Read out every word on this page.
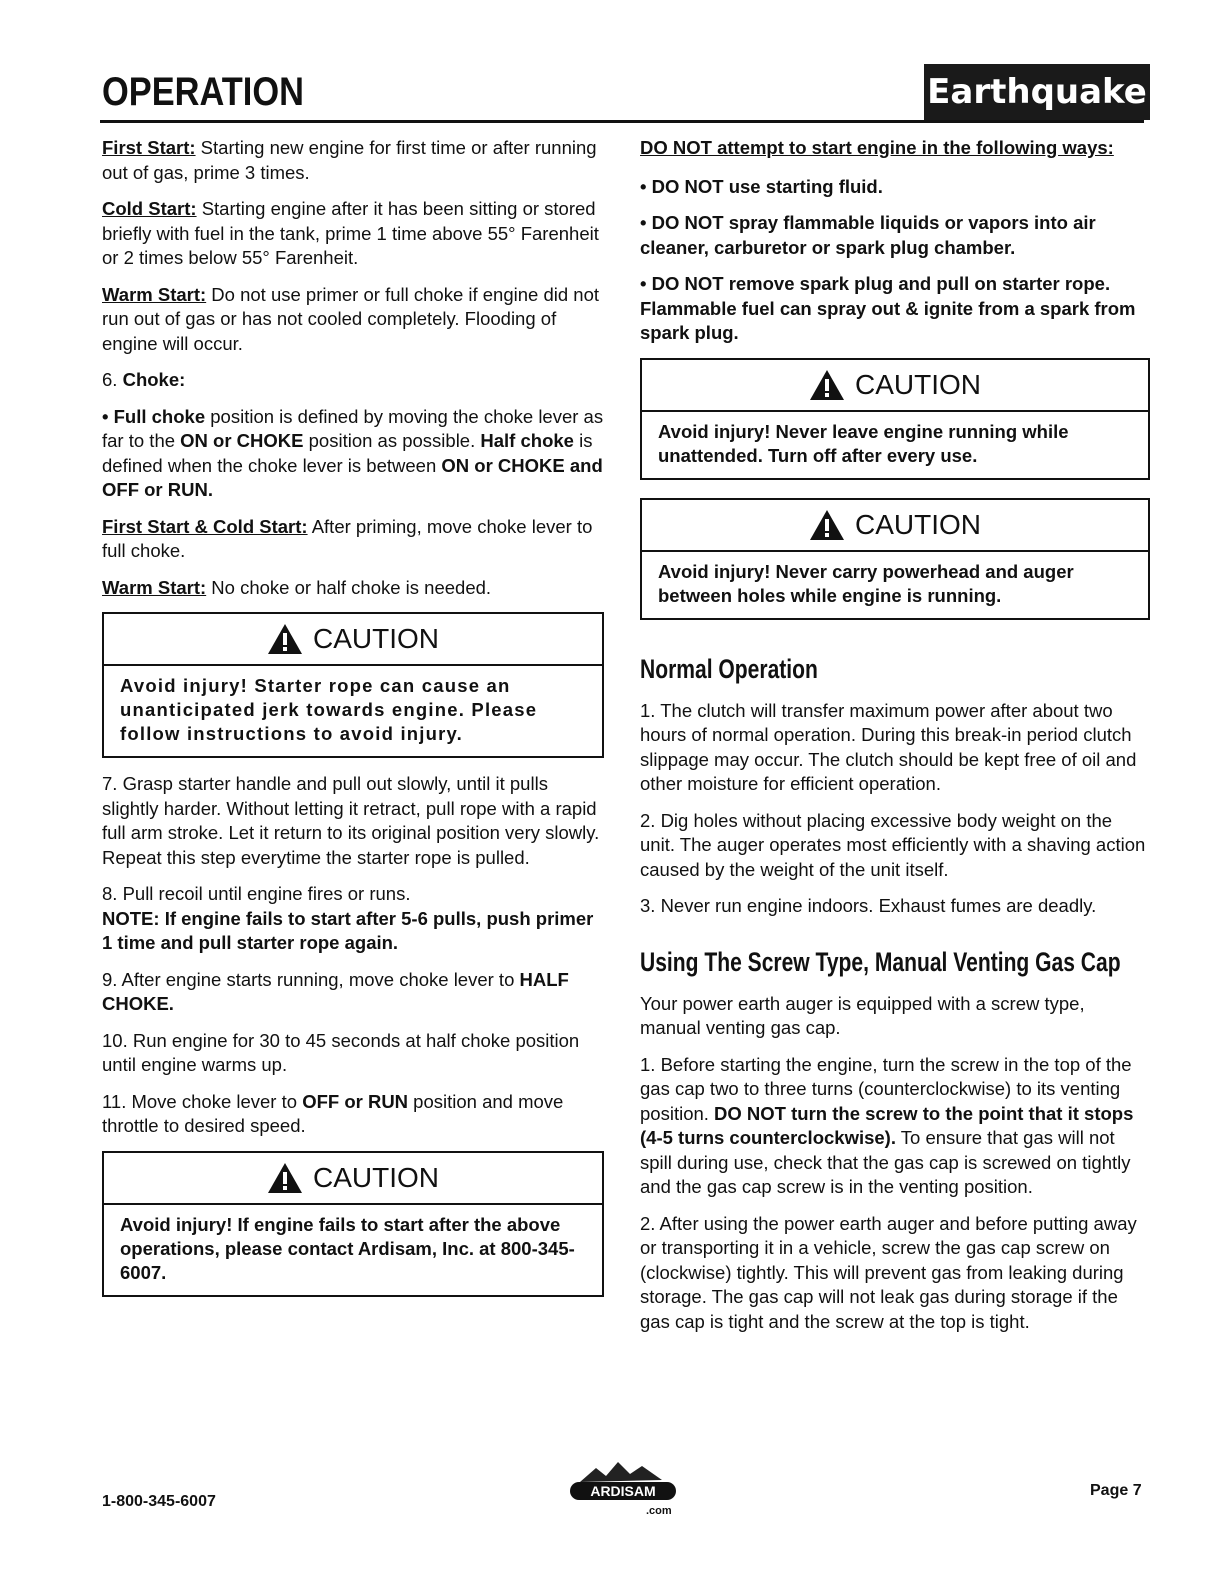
OPERATION	Earthquake

First Start: Starting new engine for first time or after running out of gas, prime 3 times.

Cold Start: Starting engine after it has been sitting or stored briefly with fuel in the tank, prime 1 time above 55° Farenheit or 2 times below 55° Farenheit.

Warm Start: Do not use primer or full choke if engine did not run out of gas or has not cooled completely. Flooding of engine will occur.

6. Choke:

• Full choke position is defined by moving the choke lever as far to the ON or CHOKE position as possible. Half choke is defined when the choke lever is between ON or CHOKE and OFF or RUN.

First Start & Cold Start: After priming, move choke lever to full choke.

Warm Start: No choke or half choke is needed.

CAUTION
Avoid injury! Starter rope can cause an unanticipated jerk towards engine. Please follow instructions to avoid injury.

7. Grasp starter handle and pull out slowly, until it pulls slightly harder. Without letting it retract, pull rope with a rapid full arm stroke. Let it return to its original position very slowly. Repeat this step everytime the starter rope is pulled.

8. Pull recoil until engine fires or runs.

NOTE: If engine fails to start after 5-6 pulls, push primer 1 time and pull starter rope again.

9. After engine starts running, move choke lever to HALF CHOKE.

10. Run engine for 30 to 45 seconds at half choke position until engine warms up.

11. Move choke lever to OFF or RUN position and move throttle to desired speed.

CAUTION
Avoid injury! If engine fails to start after the above operations, please contact Ardisam, Inc. at 800-345-6007.

DO NOT attempt to start engine in the following ways:

• DO NOT use starting fluid.

• DO NOT spray flammable liquids or vapors into air cleaner, carburetor or spark plug chamber.

• DO NOT remove spark plug and pull on starter rope. Flammable fuel can spray out & ignite from a spark from spark plug.

CAUTION
Avoid injury! Never leave engine running while unattended. Turn off after every use.
CAUTION
Avoid injury! Never carry powerhead and auger between holes while engine is running.
Normal Operation

1. The clutch will transfer maximum power after about two hours of normal operation. During this break-in period clutch slippage may occur. The clutch should be kept free of oil and other moisture for efficient operation.

2. Dig holes without placing excessive body weight on the unit. The auger operates most efficiently with a shaving action caused by the weight of the unit itself.

3. Never run engine indoors. Exhaust fumes are deadly.

Using The Screw Type, Manual Venting Gas Cap

Your power earth auger is equipped with a screw type, manual venting gas cap.

1. Before starting the engine, turn the screw in the top of the gas cap two to three turns (counterclockwise) to its venting position. DO NOT turn the screw to the point that it stops (4-5 turns counterclockwise). To ensure that gas will not spill during use, check that the gas cap is screwed on tightly and the gas cap screw is in the venting position.

2. After using the power earth auger and before putting away or transporting it in a vehicle, screw the gas cap screw on (clockwise) tightly. This will prevent gas from leaking during storage. The gas cap will not leak gas during storage if the gas cap is tight and the screw at the top is tight.

1-800-345-6007
ARDISAM
.com
Page 7
